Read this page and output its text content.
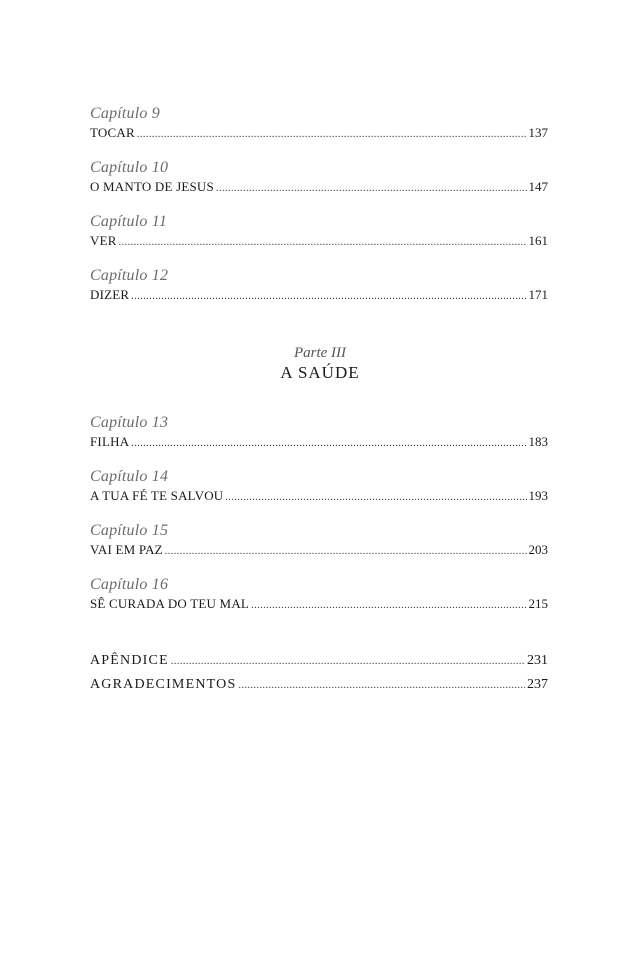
Capítulo 9
TOCAR .....	137
Capítulo 10
O MANTO DE JESUS .....	147
Capítulo 11
VER .....	161
Capítulo 12
DIZER .....	171
Parte III
A SAÚDE
Capítulo 13
FILHA .....	183
Capítulo 14
A TUA FÉ TE SALVOU .....	193
Capítulo 15
VAI EM PAZ .....	203
Capítulo 16
SÊ CURADA DO TEU MAL .....	215
APÊNDICE .....	231
AGRADECIMENTOS .....	237
